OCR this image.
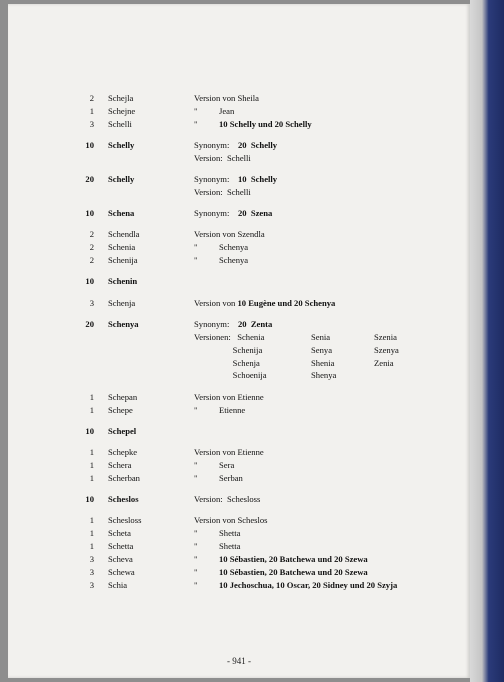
2 Schejla	Version von Sheila
1 Schejne	"          Jean
3 Schelli	"          10 Schelly und 20 Schelly
10 Schelly	Synonym:    20  Schelly
Version:  Schelli
20 Schelly	Synonym:    10  Schelly
Version:  Schelli
10 Schena	Synonym:    20  Szena
2 Schendla	Version von Szendla
2 Schenia	"          Schenya
2 Schenija	"          Schenya
10 Schenin
3 Schenja	Version von 10 Eugène und 20 Schenya
20 Schenya	Synonym:    20  Zenta
Versionen:   Schenia	Senia	Szenia
Schenija	Senya	Szenya
Schenja	Shenia	Zenia
Schoenija	Shenya
1 Schepan	Version von Etienne
1 Schepe	"          Etienne
10 Schepel
1 Schepke	Version von Etienne
1 Schera	"          Sera
1 Scherban	"          Serban
10 Scheslos	Version:  Schesloss
1 Schesloss	Version von Scheslos
1 Scheta	"          Shetta
1 Schetta	"          Shetta
3 Scheva	"          10 Sébastien, 20 Batchewa und 20 Szewa
3 Schewa	"          10 Sébastien, 20 Batchewa und 20 Szewa
3 Schia	"          10 Jechoschua, 10 Oscar, 20 Sidney und 20 Szyja
- 941 -
